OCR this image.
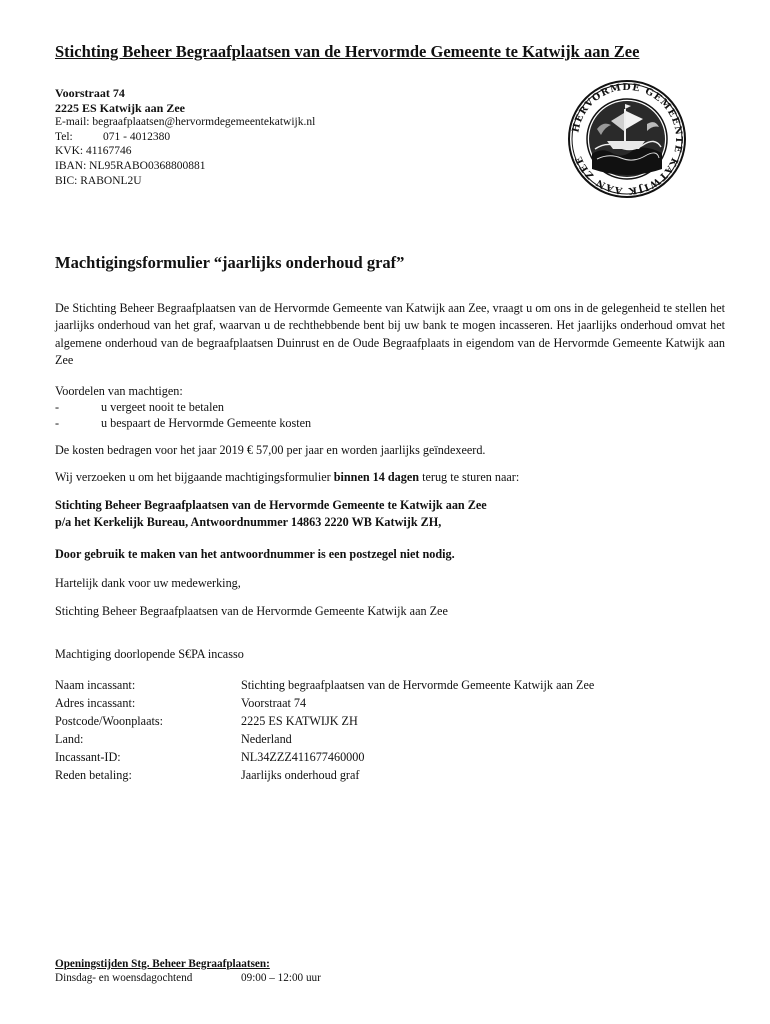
Stichting Beheer Begraafplaatsen van de Hervormde Gemeente te Katwijk aan Zee
Voorstraat 74
2225 ES Katwijk aan Zee
E-mail: begraafplaatsen@hervormdegemeentekatwijk.nl
Tel:	071 - 4012380
KVK: 41167746
IBAN: NL95RABO0368800881
BIC: RABONL2U
HERVORMDE GEMEENTE KATWIJK AAN ZEE
Machtigingsformulier “jaarlijks onderhoud graf”
De Stichting Beheer Begraafplaatsen van de Hervormde Gemeente van Katwijk aan Zee, vraagt u om ons in de gelegenheid te stellen het jaarlijks onderhoud van het graf, waarvan u de rechthebbende bent bij uw bank te mogen incasseren. Het jaarlijks onderhoud omvat het algemene onderhoud van de begraafplaatsen Duinrust en de Oude Begraafplaats in eigendom van de Hervormde Gemeente Katwijk aan Zee
Voordelen van machtigen:
-	u vergeet nooit te betalen
-	u bespaart de Hervormde Gemeente kosten
De kosten bedragen voor het jaar 2019 € 57,00 per jaar en worden jaarlijks geïndexeerd.
Wij verzoeken u om het bijgaande machtigingsformulier binnen 14 dagen terug te sturen naar:
Stichting Beheer Begraafplaatsen van de Hervormde Gemeente te Katwijk aan Zee
p/a het Kerkelijk Bureau, Antwoordnummer 14863 2220 WB Katwijk ZH,
Door gebruik te maken van het antwoordnummer is een postzegel niet nodig.
Hartelijk dank voor uw medewerking,
Stichting Beheer Begraafplaatsen van de Hervormde Gemeente Katwijk aan Zee
Machtiging doorlopende S€PA incasso
Naam incassant:	Stichting begraafplaatsen van de Hervormde Gemeente Katwijk aan Zee
Adres incassant:	Voorstraat 74
Postcode/Woonplaats:	2225 ES KATWIJK ZH
Land:	Nederland
Incassant-ID:	NL34ZZZ411677460000
Reden betaling:	Jaarlijks onderhoud graf
Openingstijden Stg. Beheer Begraafplaatsen:
Dinsdag- en woensdagochtend	09:00 – 12:00 uur
